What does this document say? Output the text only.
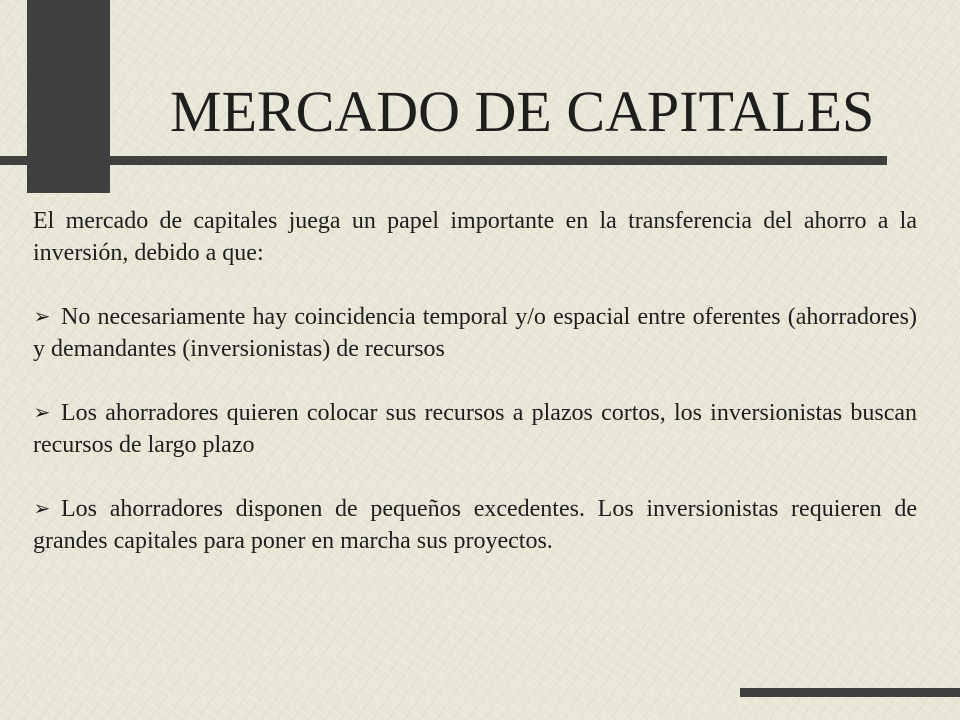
MERCADO DE CAPITALES

El mercado de capitales juega un papel importante en la transferencia del ahorro a la inversión, debido a que:

➢ No necesariamente hay coincidencia temporal y/o espacial entre oferentes (ahorradores) y demandantes (inversionistas) de recursos

➢ Los ahorradores quieren colocar sus recursos a plazos cortos, los inversionistas buscan recursos de largo plazo

➢ Los ahorradores disponen de pequeños excedentes. Los inversionistas requieren de grandes capitales para poner en marcha sus proyectos.
